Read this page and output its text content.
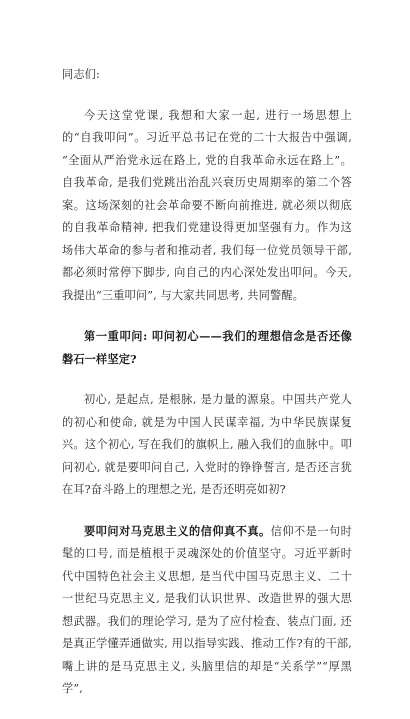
同志们:

今天这堂党课, 我想和大家一起, 进行一场思想上的“自我叩问”。习近平总书记在党的二十大报告中强调, “全面从严治党永远在路上, 党的自我革命永远在路上”。自我革命, 是我们党跳出治乱兴衰历史周期率的第二个答案。这场深刻的社会革命要不断向前推进, 就必须以彻底的自我革命精神, 把我们党建设得更加坚强有力。作为这场伟大革命的参与者和推动者, 我们每一位党员领导干部, 都必须时常停下脚步, 向自己的内心深处发出叩问。今天, 我提出“三重叩问”, 与大家共同思考, 共同警醒。

第一重叩问: 叩问初心——我们的理想信念是否还像磐石一样坚定?

初心, 是起点, 是根脉, 是力量的源泉。中国共产党人的初心和使命, 就是为中国人民谋幸福, 为中华民族谋复兴。这个初心, 写在我们的旗帜上, 融入我们的血脉中。叩问初心, 就是要叩问自己, 入党时的铮铮誓言, 是否还言犹在耳?奋斗路上的理想之光, 是否还明亮如初?

要叩问对马克思主义的信仰真不真。信仰不是一句时髦的口号, 而是植根于灵魂深处的价值坚守。习近平新时代中国特色社会主义思想, 是当代中国马克思主义、二十一世纪马克思主义, 是我们认识世界、改造世界的强大思想武器。我们的理论学习, 是为了应付检查、装点门面, 还是真正学懂弄通做实, 用以指导实践、推动工作?有的干部, 嘴上讲的是马克思主义, 头脑里信的却是“关系学”“厚黑学”,
